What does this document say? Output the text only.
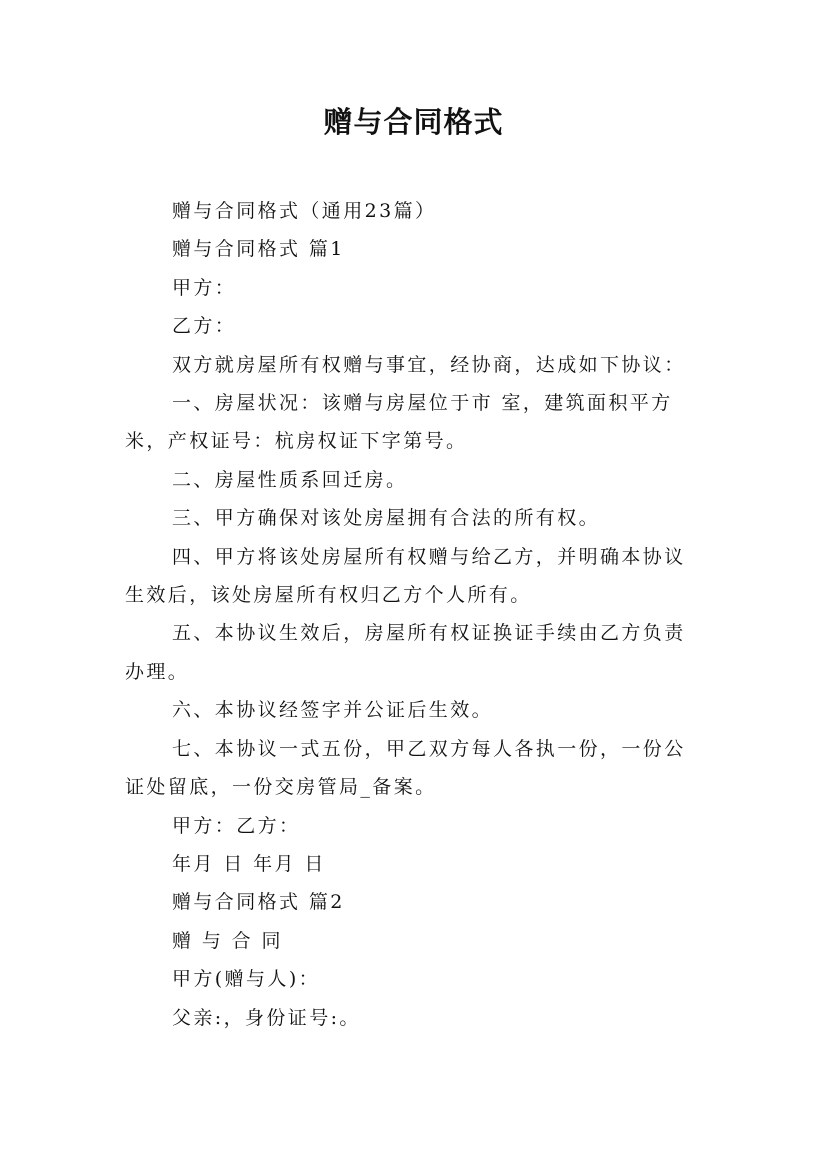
赠与合同格式

赠与合同格式（通用23篇）

赠与合同格式 篇1

甲方：

乙方：

双方就房屋所有权赠与事宜，经协商，达成如下协议：

一、房屋状况：该赠与房屋位于市 室，建筑面积平方米，产权证号：杭房权证下字第号。

二、房屋性质系回迁房。

三、甲方确保对该处房屋拥有合法的所有权。

四、甲方将该处房屋所有权赠与给乙方，并明确本协议生效后，该处房屋所有权归乙方个人所有。

五、本协议生效后，房屋所有权证换证手续由乙方负责办理。

六、本协议经签字并公证后生效。

七、本协议一式五份，甲乙双方每人各执一份，一份公证处留底，一份交房管局_备案。

甲方：乙方：

年月 日 年月 日

赠与合同格式 篇2

赠 与 合 同

甲方(赠与人)：

父亲:，身份证号:。
